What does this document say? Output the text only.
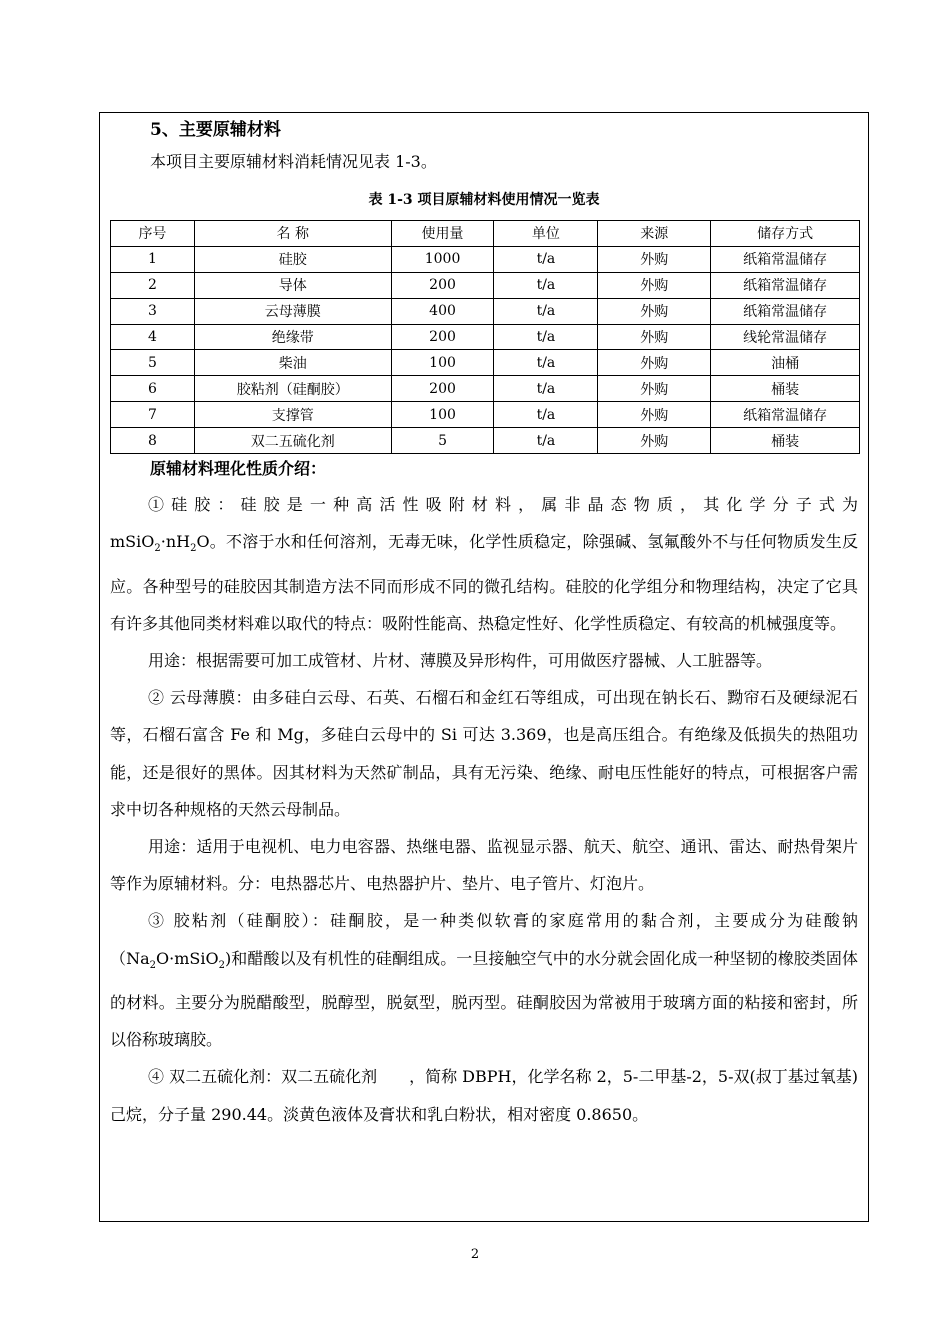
5、主要原辅材料
本项目主要原辅材料消耗情况见表 1-3。
表 1-3 项目原辅材料使用情况一览表
序号	名 称	使用量	单位	来源	储存方式
1	硅胶	1000	t/a	外购	纸箱常温储存
2	导体	200	t/a	外购	纸箱常温储存
3	云母薄膜	400	t/a	外购	纸箱常温储存
4	绝缘带	200	t/a	外购	线轮常温储存
5	柴油	100	t/a	外购	油桶
6	胶粘剂（硅酮胶）	200	t/a	外购	桶装
7	支撑管	100	t/a	外购	纸箱常温储存
8	双二五硫化剂	5	t/a	外购	桶装
原辅材料理化性质介绍：

① 硅 胶 ： 硅 胶 是 一 种 高 活 性 吸 附 材 料 ， 属 非 晶 态 物 质 ， 其 化 学 分 子 式 为 $mSiO_2\cdot nH_2O$。不溶于水和任何溶剂，无毒无味，化学性质稳定，除强碱、氢氟酸外不与任何物质发生反应。各种型号的硅胶因其制造方法不同而形成不同的微孔结构。硅胶的化学组分和物理结构，决定了它具有许多其他同类材料难以取代的特点：吸附性能高、热稳定性好、化学性质稳定、有较高的机械强度等。

用途：根据需要可加工成管材、片材、薄膜及异形构件，可用做医疗器械、人工脏器等。

② 云母薄膜：由多硅白云母、石英、石榴石和金红石等组成，可出现在钠长石、黝帘石及硬绿泥石等，石榴石富含 Fe 和 Mg，多硅白云母中的 Si 可达 3.369，也是高压组合。有绝缘及低损失的热阻功能，还是很好的黑体。因其材料为天然矿制品，具有无污染、绝缘、耐电压性能好的特点，可根据客户需求中切各种规格的天然云母制品。

用途：适用于电视机、电力电容器、热继电器、监视显示器、航天、航空、通讯、雷达、耐热骨架片等作为原辅材料。分：电热器芯片、电热器护片、垫片、电子管片、灯泡片。

③ 胶粘剂（硅酮胶）：硅酮胶，是一种类似软膏的家庭常用的黏合剂，主要成分为硅酸钠$(Na_2O\cdot mSiO_2)$和醋酸以及有机性的硅酮组成。一旦接触空气中的水分就会固化成一种坚韧的橡胶类固体的材料。主要分为脱醋酸型，脱醇型，脱氨型，脱丙型。硅酮胶因为常被用于玻璃方面的粘接和密封，所以俗称玻璃胶。

④ 双二五硫化剂：双二五硫化剂　　，简称 DBPH，化学名称 2，5-二甲基-2，5-双(叔丁基过氧基)己烷，分子量 290.44。淡黄色液体及膏状和乳白粉状，相对密度 0.8650。

2
